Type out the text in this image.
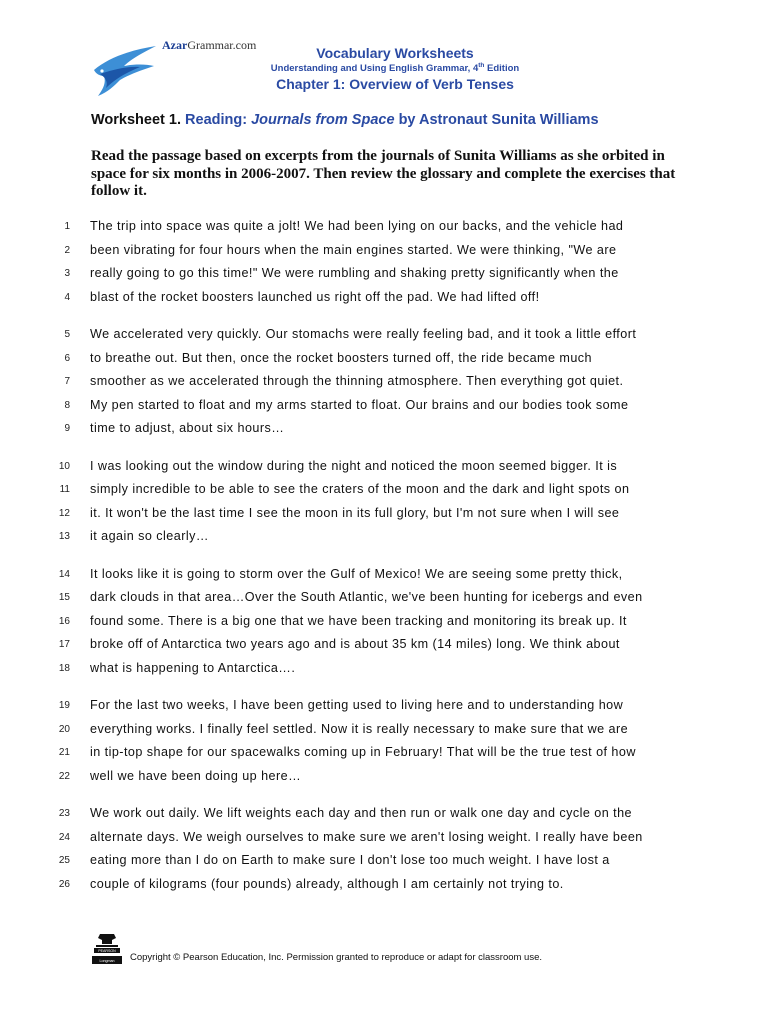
AzarGrammar.com	Vocabulary Worksheets
Understanding and Using English Grammar, 4th Edition
Chapter 1: Overview of Verb Tenses
Worksheet 1. Reading: Journals from Space by Astronaut Sunita Williams
Read the passage based on excerpts from the journals of Sunita Williams as she orbited in space for six months in 2006-2007. Then review the glossary and complete the exercises that follow it.
1 The trip into space was quite a jolt! We had been lying on our backs, and the vehicle had
2 been vibrating for four hours when the main engines started. We were thinking, "We are
3 really going to go this time!" We were rumbling and shaking pretty significantly when the
4 blast of the rocket boosters launched us right off the pad. We had lifted off!
5 We accelerated very quickly. Our stomachs were really feeling bad, and it took a little effort
6 to breathe out. But then, once the rocket boosters turned off, the ride became much
7 smoother as we accelerated through the thinning atmosphere. Then everything got quiet.
8 My pen started to float and my arms started to float. Our brains and our bodies took some
9 time to adjust, about six hours…
10 I was looking out the window during the night and noticed the moon seemed bigger. It is
11 simply incredible to be able to see the craters of the moon and the dark and light spots on
12 it. It won't be the last time I see the moon in its full glory, but I'm not sure when I will see
13 it again so clearly…
14 It looks like it is going to storm over the Gulf of Mexico! We are seeing some pretty thick,
15 dark clouds in that area…Over the South Atlantic, we've been hunting for icebergs and even
16 found some. There is a big one that we have been tracking and monitoring its break up. It
17 broke off of Antarctica two years ago and is about 35 km (14 miles) long. We think about
18 what is happening to Antarctica….
19 For the last two weeks, I have been getting used to living here and to understanding how
20 everything works. I finally feel settled. Now it is really necessary to make sure that we are
21 in tip-top shape for our spacewalks coming up in February! That will be the true test of how
22 well we have been doing up here…
23 We work out daily. We lift weights each day and then run or walk one day and cycle on the
24 alternate days. We weigh ourselves to make sure we aren't losing weight. I really have been
25 eating more than I do on Earth to make sure I don't lose too much weight. I have lost a
26 couple of kilograms (four pounds) already, although I am certainly not trying to.
PEARSON
Longman Copyright © Pearson Education, Inc. Permission granted to reproduce or adapt for classroom use.
